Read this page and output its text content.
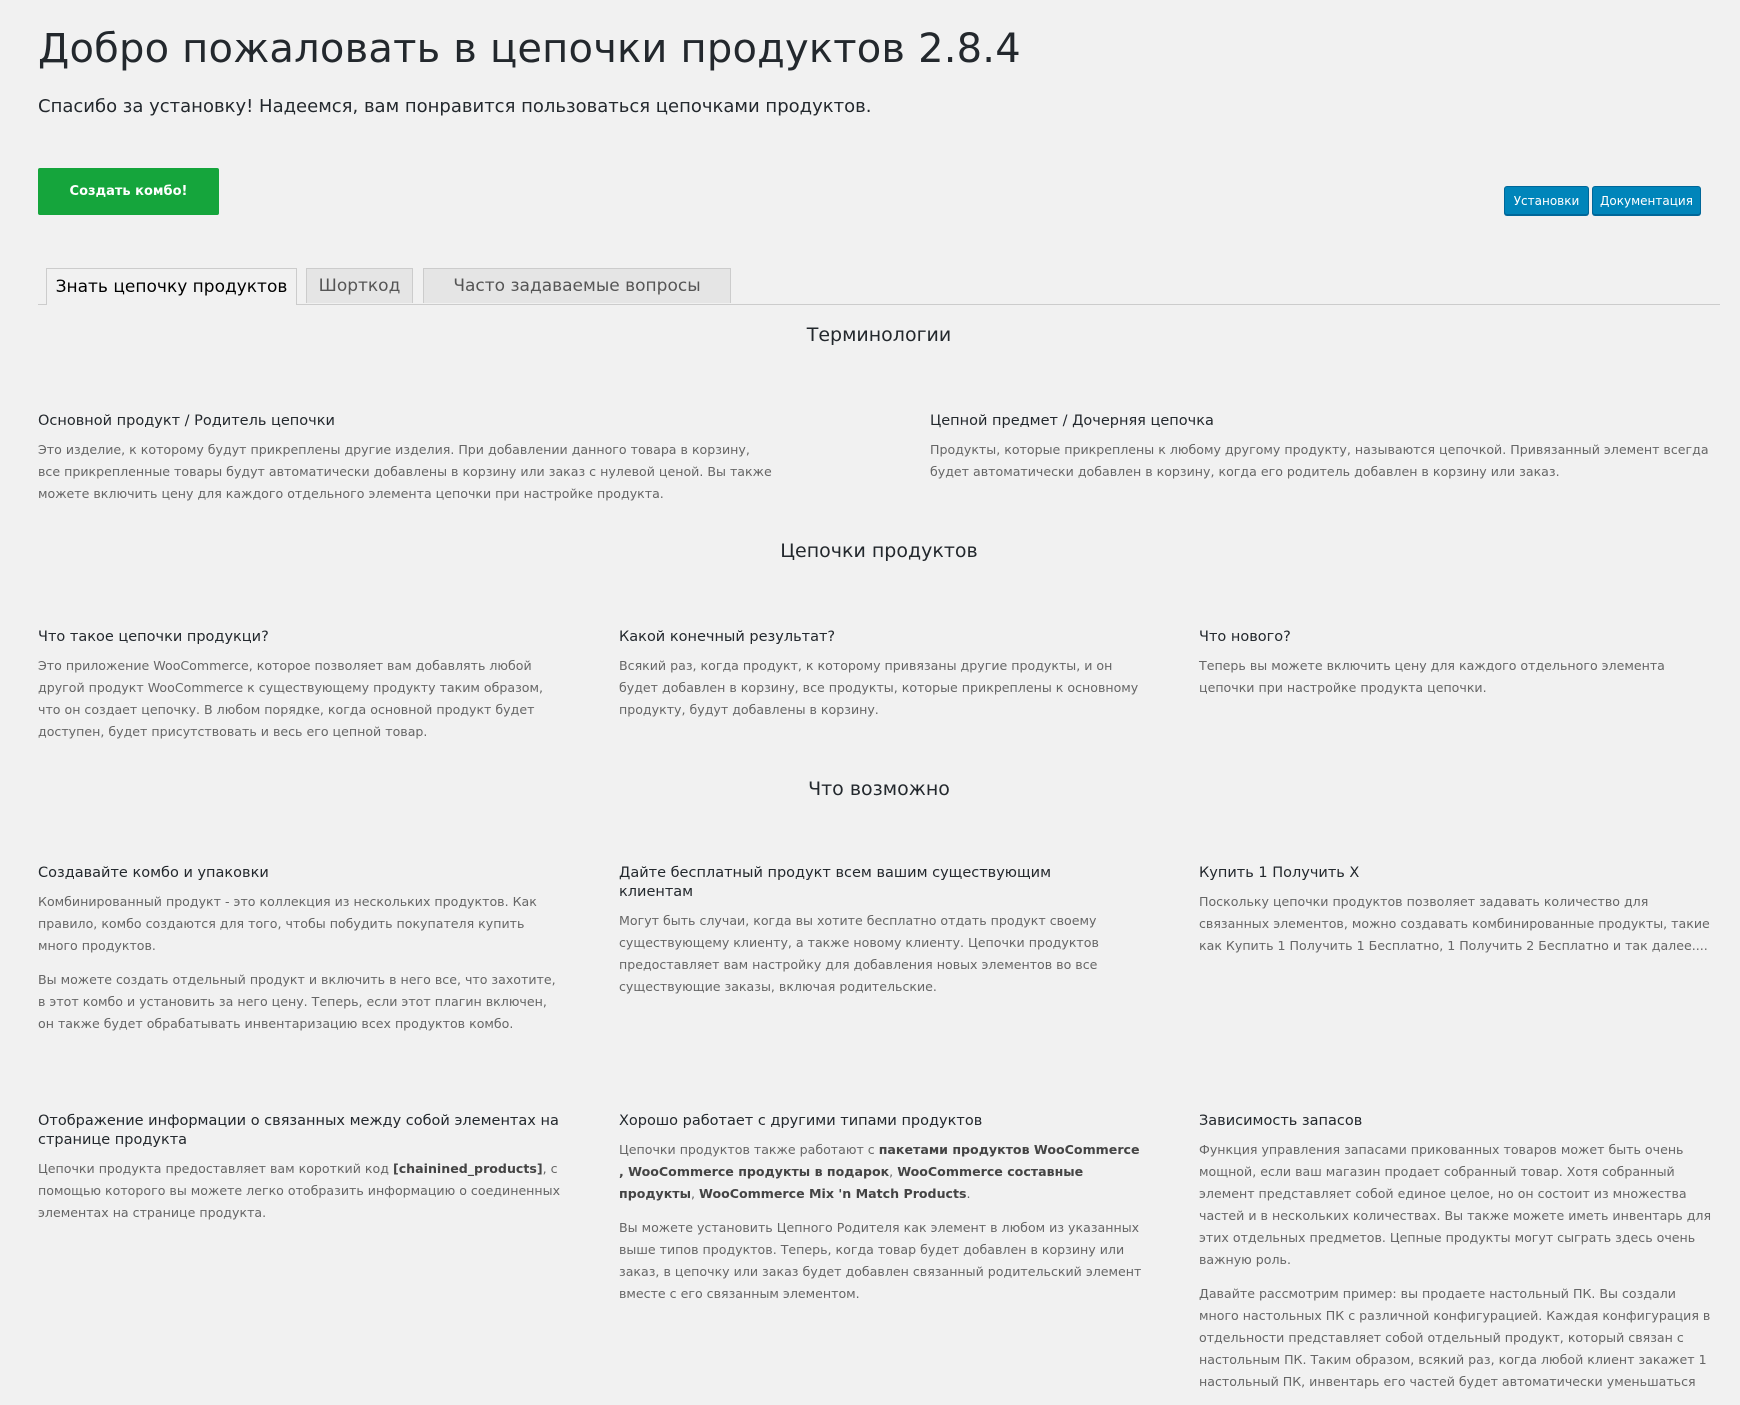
Добро пожаловать в цепочки продуктов 2.8.4
Спасибо за установку! Надеемся, вам понравится пользоваться цепочками продуктов.
Создать комбо!
Установки	Документация
Знать цепочку продуктов	Шорткод	Часто задаваемые вопросы
Терминологии
Основной продукт / Родитель цепочки

Это изделие, к которому будут прикреплены другие изделия. При добавлении данного товара в корзину, все прикрепленные товары будут автоматически добавлены в корзину или заказ с нулевой ценой. Вы также можете включить цену для каждого отдельного элемента цепочки при настройке продукта.

Цепной предмет / Дочерняя цепочка

Продукты, которые прикреплены к любому другому продукту, называются цепочкой. Привязанный элемент всегда будет автоматически добавлен в корзину, когда его родитель добавлен в корзину или заказ.

Цепочки продуктов
Что такое цепочки продукци?

Это приложение WooCommerce, которое позволяет вам добавлять любой другой продукт WooCommerce к существующему продукту таким образом, что он создает цепочку. В любом порядке, когда основной продукт будет доступен, будет присутствовать и весь его цепной товар.

Какой конечный результат?

Всякий раз, когда продукт, к которому привязаны другие продукты, и он будет добавлен в корзину, все продукты, которые прикреплены к основному продукту, будут добавлены в корзину.

Что нового?

Теперь вы можете включить цену для каждого отдельного элемента цепочки при настройке продукта цепочки.

Что возможно
Создавайте комбо и упаковки

Комбинированный продукт - это коллекция из нескольких продуктов. Как правило, комбо создаются для того, чтобы побудить покупателя купить много продуктов.

Вы можете создать отдельный продукт и включить в него все, что захотите, в этот комбо и установить за него цену. Теперь, если этот плагин включен, он также будет обрабатывать инвентаризацию всех продуктов комбо.

Дайте бесплатный продукт всем вашим существующим клиентам

Могут быть случаи, когда вы хотите бесплатно отдать продукт своему существующему клиенту, а также новому клиенту. Цепочки продуктов предоставляет вам настройку для добавления новых элементов во все существующие заказы, включая родительские.

Купить 1 Получить X

Поскольку цепочки продуктов позволяет задавать количество для связанных элементов, можно создавать комбинированные продукты, такие как Купить 1 Получить 1 Бесплатно, 1 Получить 2 Бесплатно и так далее....

Отображение информации о связанных между собой элементах на странице продукта

Цепочки продукта предоставляет вам короткий код [chainined_products], с помощью которого вы можете легко отобразить информацию о соединенных элементах на странице продукта.

Хорошо работает с другими типами продуктов

Цепочки продуктов также работают с пакетами продуктов WooCommerce , WooCommerce продукты в подарок, WooCommerce составные продукты, WooCommerce Mix 'n Match Products.

Вы можете установить Цепного Родителя как элемент в любом из указанных выше типов продуктов. Теперь, когда товар будет добавлен в корзину или заказ, в цепочку или заказ будет добавлен связанный родительский элемент вместе с его связанным элементом.

Зависимость запасов

Функция управления запасами прикованных товаров может быть очень мощной, если ваш магазин продает собранный товар. Хотя собранный элемент представляет собой единое целое, но он состоит из множества частей и в нескольких количествах. Вы также можете иметь инвентарь для этих отдельных предметов. Цепные продукты могут сыграть здесь очень важную роль.

Давайте рассмотрим пример: вы продаете настольный ПК. Вы создали много настольных ПК с различной конфигурацией. Каждая конфигурация в отдельности представляет собой отдельный продукт, который связан с настольным ПК. Таким образом, всякий раз, когда любой клиент закажет 1 настольный ПК, инвентарь его частей будет автоматически уменьшаться
